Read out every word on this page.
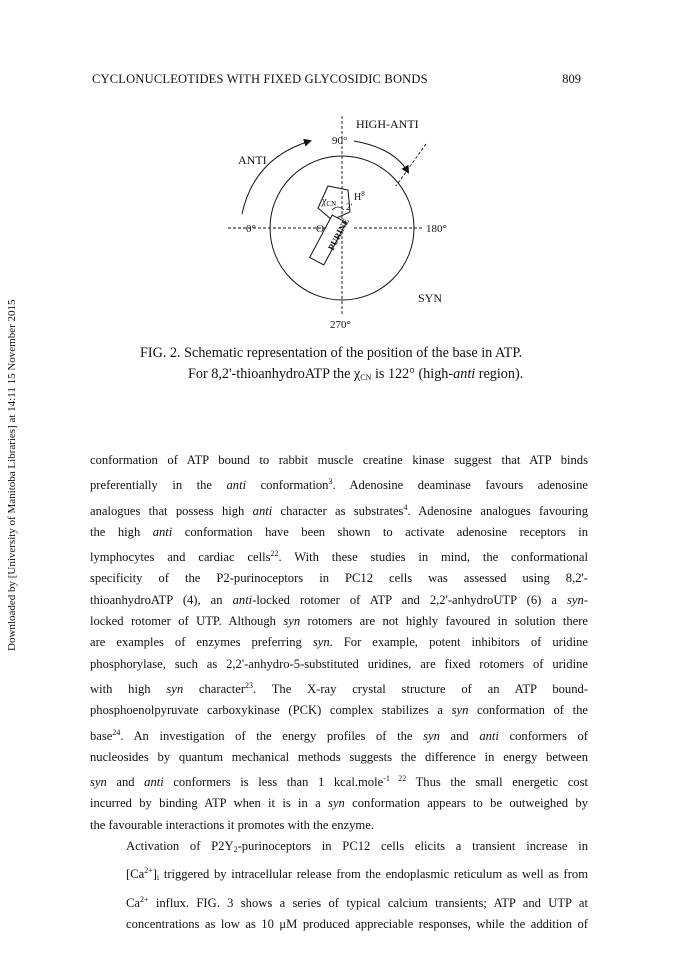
CYCLONUCLEOTIDES WITH FIXED GLYCOSIDIC BONDS	809
Downloaded by [University of Manitoba Libraries] at 14:11 15 November 2015
HIGH-ANTI
ANTI
SYN
90°
0°	180°
270°
O
$H^8$
2'
$\chi_{CN}$
PURINE
FIG. 2. Schematic representation of the position of the base in ATP.
For 8,2'-thioanhydroATP the $\chi_{CN}$ is 122° (high-anti region).

conformation of ATP bound to rabbit muscle creatine kinase suggest that ATP binds
preferentially in the anti conformation$^3$. Adenosine deaminase favours adenosine
analogues that possess high anti character as substrates$^4$. Adenosine analogues favouring
the high anti conformation have been shown to activate adenosine receptors in
lymphocytes and cardiac cells$^{22}$. With these studies in mind, the conformational
specificity of the P2-purinoceptors in PC12 cells was assessed using 8,2'-
thioanhydroATP (4), an anti-locked rotomer of ATP and 2,2'-anhydroUTP (6) a syn-
locked rotomer of UTP. Although syn rotomers are not highly favoured in solution there
are examples of enzymes preferring syn. For example, potent inhibitors of uridine
phosphorylase, such as 2,2'-anhydro-5-substituted uridines, are fixed rotomers of uridine
with high syn character$^{23}$. The X-ray crystal structure of an ATP bound-
phosphoenolpyruvate carboxykinase (PCK) complex stabilizes a syn conformation of the
base$^{24}$. An investigation of the energy profiles of the syn and anti conformers of
nucleosides by quantum mechanical methods suggests the difference in energy between
syn and anti conformers is less than 1 kcal.mole$^{-1 22}$ Thus the small energetic cost
incurred by binding ATP when it is in a syn conformation appears to be outweighed by
the favourable interactions it promotes with the enzyme.

Activation of $P2Y_2$-purinoceptors in PC12 cells elicits a transient increase in
$[Ca^{2+}]_i$ triggered by intracellular release from the endoplasmic reticulum as well as from
$Ca^{2+}$ influx. FIG. 3 shows a series of typical calcium transients; ATP and UTP at
concentrations as low as 10 μM produced appreciable responses, while the addition of
